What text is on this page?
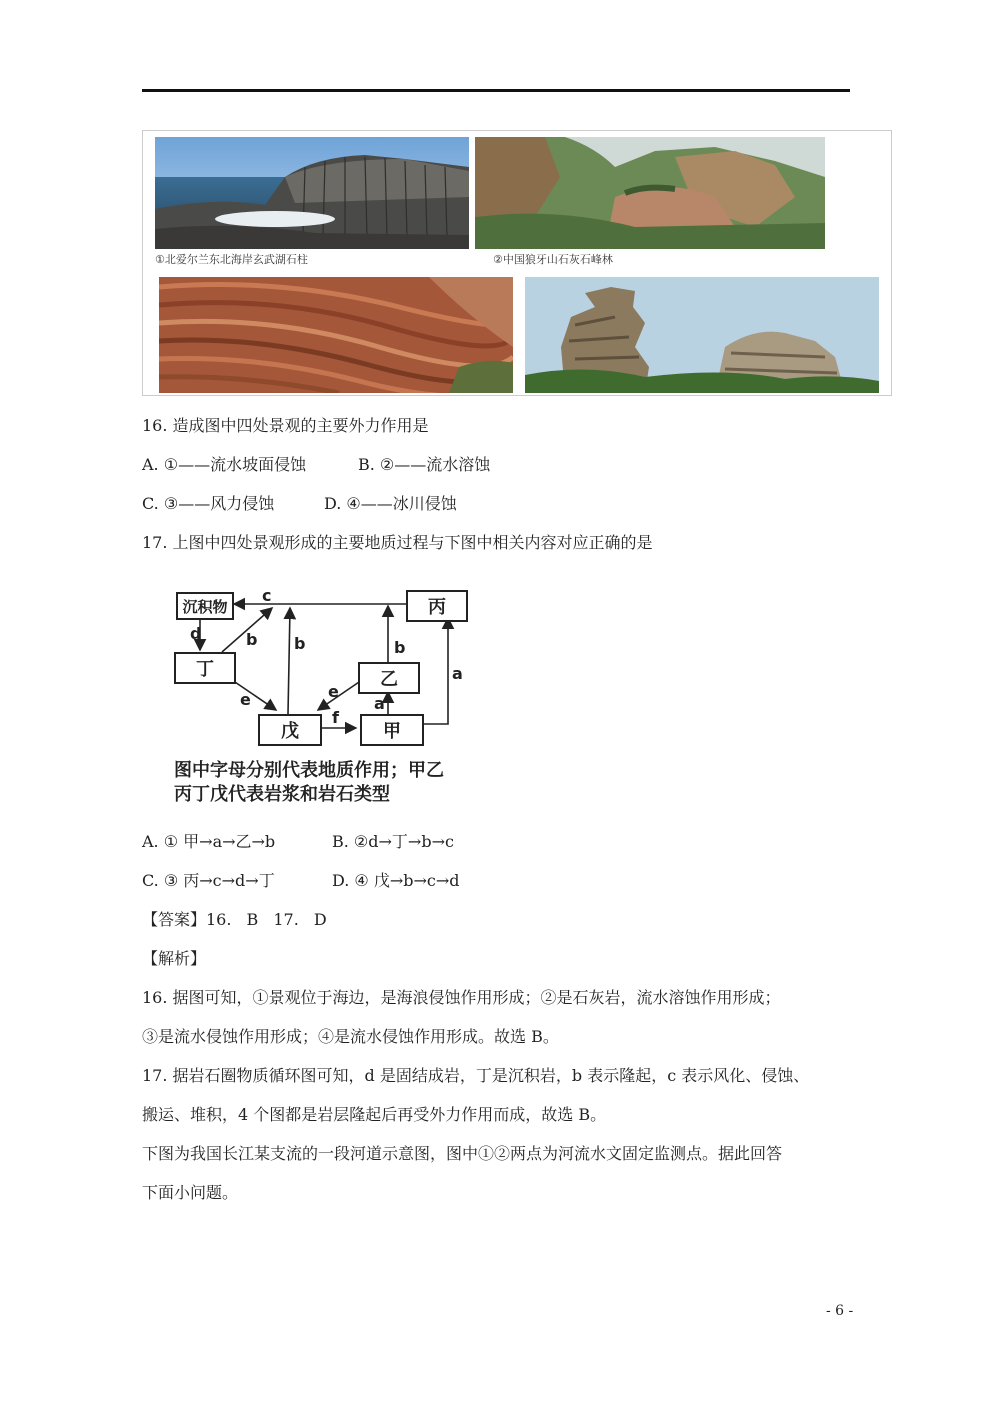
①北爱尔兰东北海岸玄武湖石柱	②中国狼牙山石灰石峰林
16. 造成图中四处景观的主要外力作用是
A. ①——流水坡面侵蚀	B. ②——流水溶蚀
C. ③——风力侵蚀	D. ④——冰川侵蚀
17. 上图中四处景观形成的主要地质过程与下图中相关内容对应正确的是
沉积物	丙
丁	乙
戊	甲
c
d	b b	b
a
a
e	e
f
图中字母分别代表地质作用；甲乙
丙丁戊代表岩浆和岩石类型
A. ① 甲→a→乙→b	B. ②d→丁→b→c
C. ③ 丙→c→d→丁	D. ④ 戊→b→c→d
【答案】16. B 17. D
【解析】
16. 据图可知，①景观位于海边，是海浪侵蚀作用形成；②是石灰岩，流水溶蚀作用形成；
③是流水侵蚀作用形成；④是流水侵蚀作用形成。故选 B。
17. 据岩石圈物质循环图可知，d 是固结成岩，丁是沉积岩，b 表示隆起，c 表示风化、侵蚀、
搬运、堆积，4 个图都是岩层隆起后再受外力作用而成，故选 B。
下图为我国长江某支流的一段河道示意图，图中①②两点为河流水文固定监测点。据此回答
下面小问题。
- 6 -
